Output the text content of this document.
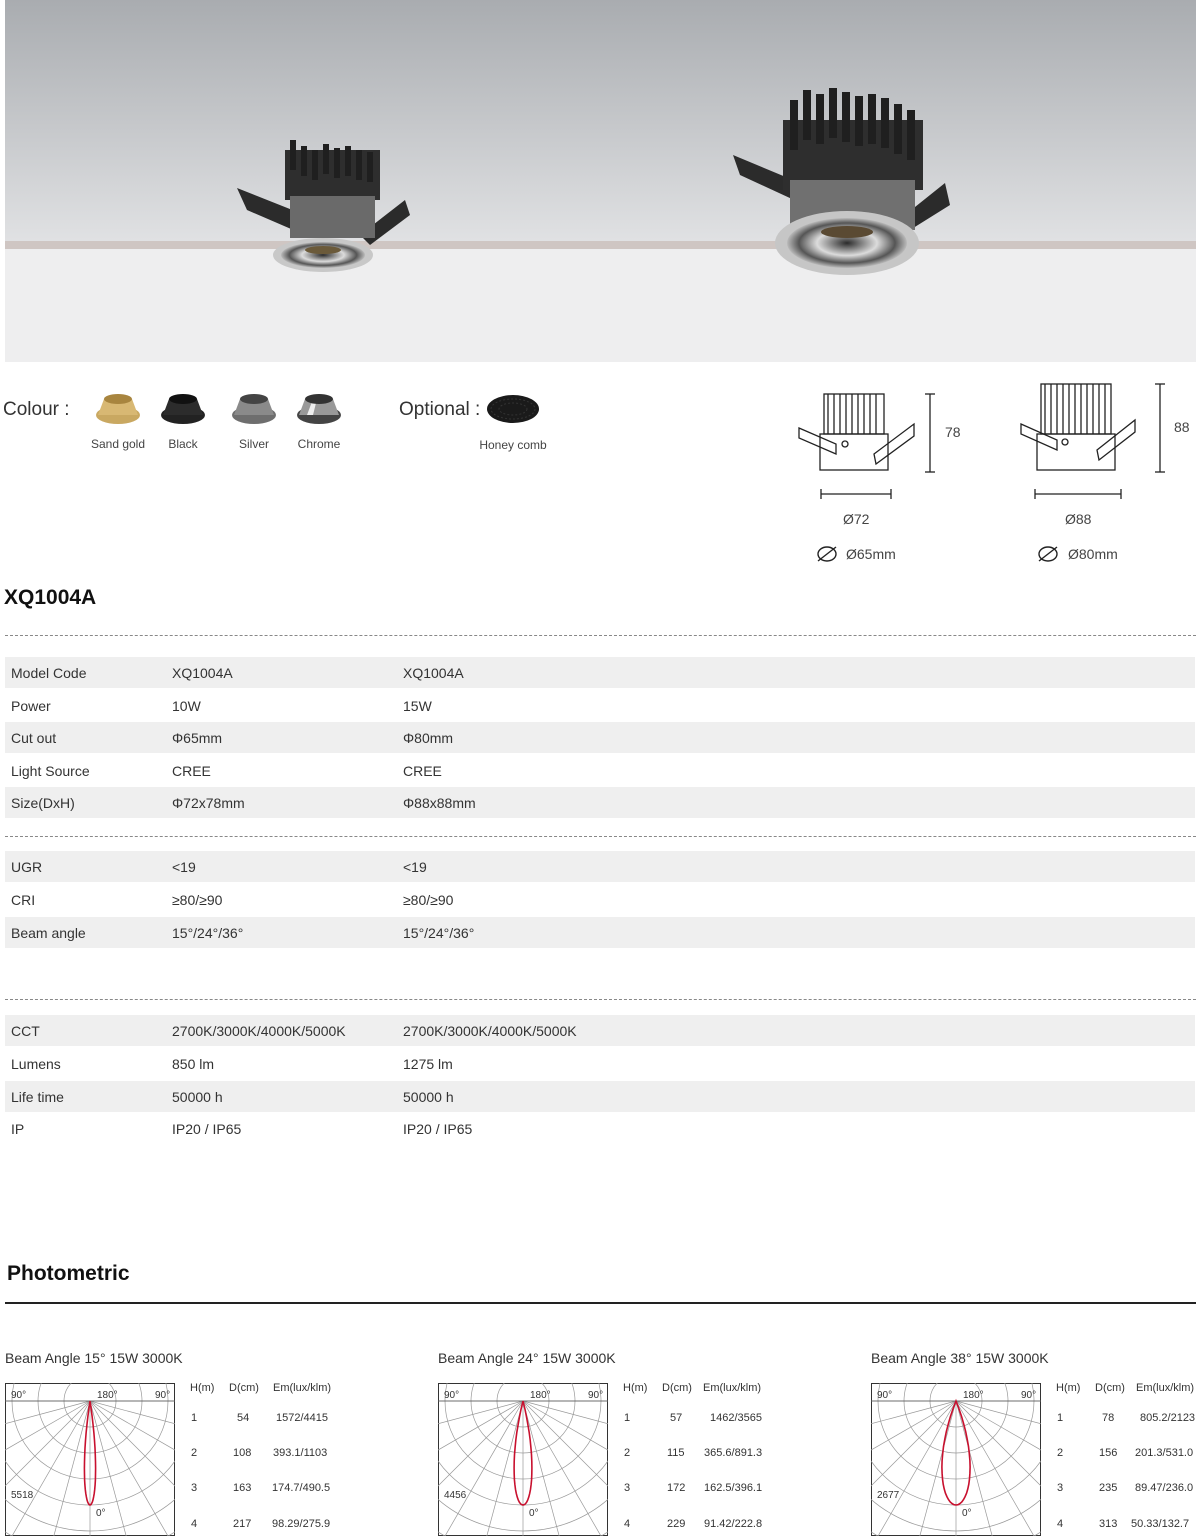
Colour :
Sand gold	Black	Silver	Chrome
Optional :
Honey comb
78
Ø72
Ø65mm
88
Ø88
Ø80mm
XQ1004A
Model Code	XQ1004A	XQ1004A
Power	10W	15W
Cut out	Φ65mm	Φ80mm
Light Source	CREE	CREE
Size(DxH)	Φ72x78mm	Φ88x88mm
UGR	<19	<19
CRI	≥80/≥90	≥80/≥90
Beam angle	15°/24°/36°	15°/24°/36°
CCT	2700K/3000K/4000K/5000K	2700K/3000K/4000K/5000K
Lumens	850 lm	1275 lm
Life time	50000 h	50000 h
IP	IP20 / IP65	IP20 / IP65
Photometric
Beam Angle 15° 15W 3000K
90°	90°
180°
0°
5518
H(m) D(cm) Em(lux/klm)
1	54 1572/4415
2	108 393.1/1103
3	163 174.7/490.5
4	217 98.29/275.9
Beam Angle 24° 15W 3000K
90°	90°
180°
0°
4456
H(m) D(cm) Em(lux/klm)
1	57	1462/3565
2	115 365.6/891.3
3	172 162.5/396.1
4	229 91.42/222.8
Beam Angle 38° 15W 3000K
90°	90°
180°
0°
2677
H(m) D(cm) Em(lux/klm)
1	78 805.2/2123
2	156 201.3/531.0
3	235 89.47/236.0
4	313 50.33/132.7
